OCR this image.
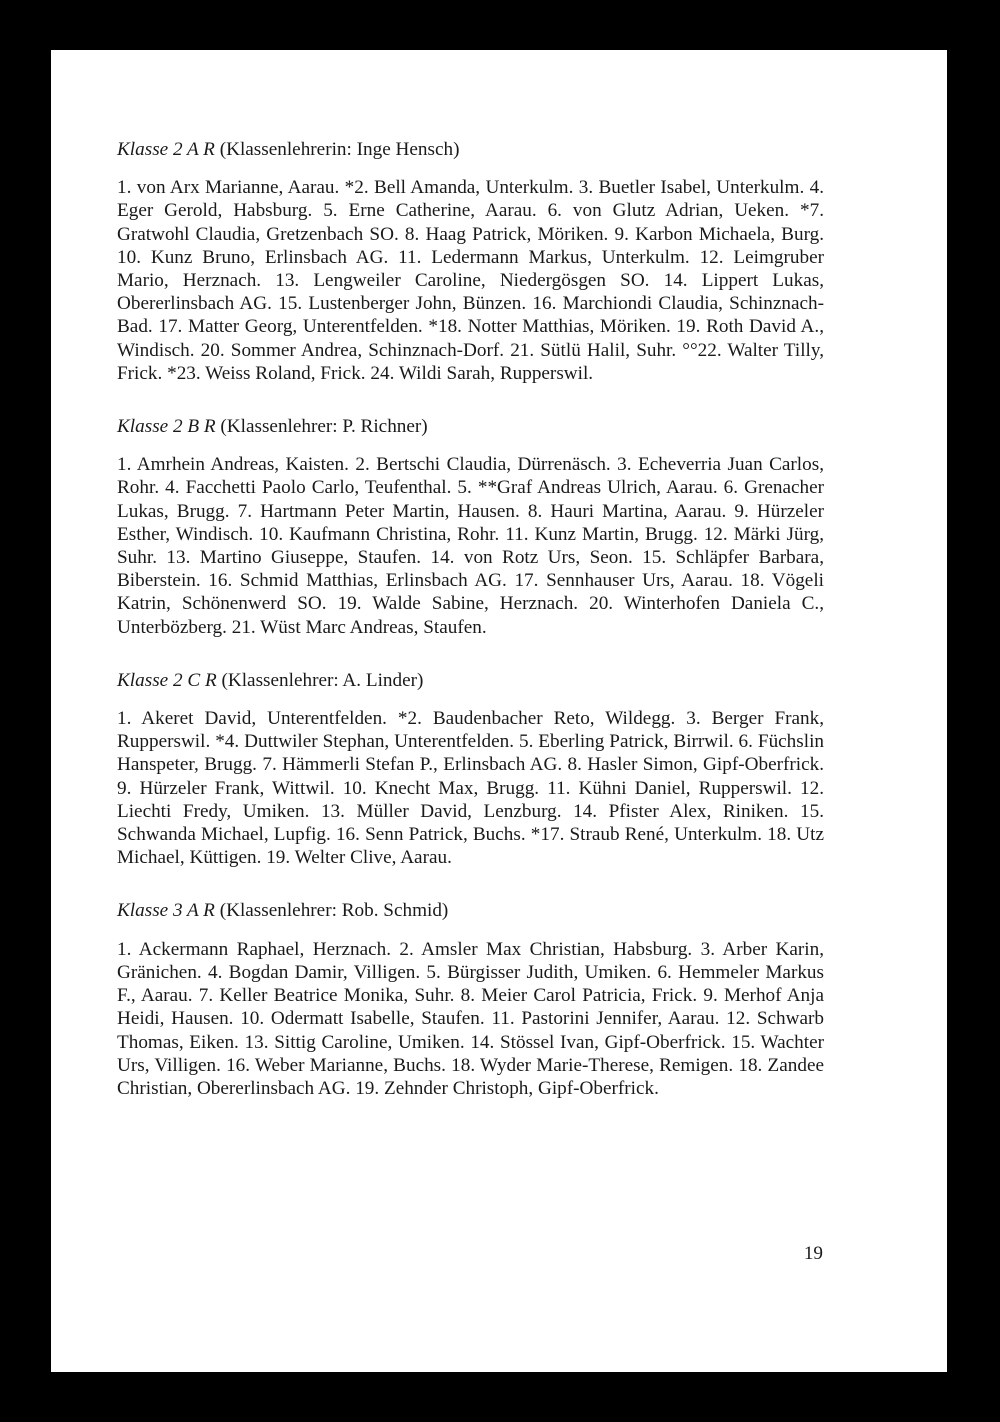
Klasse 2 A R (Klassenlehrerin: Inge Hensch)

1. von Arx Marianne, Aarau. *2. Bell Amanda, Unterkulm. 3. Buetler Isabel, Unterkulm. 4. Eger Gerold, Habsburg. 5. Erne Catherine, Aarau. 6. von Glutz Adrian, Ueken. *7. Gratwohl Claudia, Gretzenbach SO. 8. Haag Patrick, Möriken. 9. Karbon Michaela, Burg. 10. Kunz Bruno, Erlinsbach AG. 11. Ledermann Markus, Unterkulm. 12. Leimgruber Mario, Herznach. 13. Lengweiler Caroline, Niedergösgen SO. 14. Lippert Lukas, Obererlinsbach AG. 15. Lustenberger John, Bünzen. 16. Marchiondi Claudia, Schinznach-Bad. 17. Matter Georg, Unterentfelden. *18. Notter Matthias, Möriken. 19. Roth David A., Windisch. 20. Sommer Andrea, Schinznach-Dorf. 21. Sütlü Halil, Suhr. °°22. Walter Tilly, Frick. *23. Weiss Roland, Frick. 24. Wildi Sarah, Rupperswil.

Klasse 2 B R (Klassenlehrer: P. Richner)

1. Amrhein Andreas, Kaisten. 2. Bertschi Claudia, Dürrenäsch. 3. Echeverria Juan Carlos, Rohr. 4. Facchetti Paolo Carlo, Teufenthal. 5. **Graf Andreas Ulrich, Aarau. 6. Grenacher Lukas, Brugg. 7. Hartmann Peter Martin, Hausen. 8. Hauri Martina, Aarau. 9. Hürzeler Esther, Windisch. 10. Kaufmann Christina, Rohr. 11. Kunz Martin, Brugg. 12. Märki Jürg, Suhr. 13. Martino Giuseppe, Staufen. 14. von Rotz Urs, Seon. 15. Schläpfer Barbara, Biberstein. 16. Schmid Matthias, Erlinsbach AG. 17. Sennhauser Urs, Aarau. 18. Vögeli Katrin, Schönenwerd SO. 19. Walde Sabine, Herznach. 20. Winterhofen Daniela C., Unterbözberg. 21. Wüst Marc Andreas, Staufen.

Klasse 2 C R (Klassenlehrer: A. Linder)

1. Akeret David, Unterentfelden. *2. Baudenbacher Reto, Wildegg. 3. Berger Frank, Rupperswil. *4. Duttwiler Stephan, Unterentfelden. 5. Eberling Patrick, Birrwil. 6. Füchslin Hanspeter, Brugg. 7. Hämmerli Stefan P., Erlinsbach AG. 8. Hasler Simon, Gipf-Oberfrick. 9. Hürzeler Frank, Wittwil. 10. Knecht Max, Brugg. 11. Kühni Daniel, Rupperswil. 12. Liechti Fredy, Umiken. 13. Müller David, Lenzburg. 14. Pfister Alex, Riniken. 15. Schwanda Michael, Lupfig. 16. Senn Patrick, Buchs. *17. Straub René, Unterkulm. 18. Utz Michael, Küttigen. 19. Welter Clive, Aarau.

Klasse 3 A R (Klassenlehrer: Rob. Schmid)

1. Ackermann Raphael, Herznach. 2. Amsler Max Christian, Habsburg. 3. Arber Karin, Gränichen. 4. Bogdan Damir, Villigen. 5. Bürgisser Judith, Umiken. 6. Hemmeler Markus F., Aarau. 7. Keller Beatrice Monika, Suhr. 8. Meier Carol Patricia, Frick. 9. Merhof Anja Heidi, Hausen. 10. Odermatt Isabelle, Staufen. 11. Pastorini Jennifer, Aarau. 12. Schwarb Thomas, Eiken. 13. Sittig Caroline, Umiken. 14. Stössel Ivan, Gipf-Oberfrick. 15. Wachter Urs, Villigen. 16. Weber Marianne, Buchs. 18. Wyder Marie-Therese, Remigen. 18. Zandee Christian, Obererlinsbach AG. 19. Zehnder Christoph, Gipf-Oberfrick.

19
